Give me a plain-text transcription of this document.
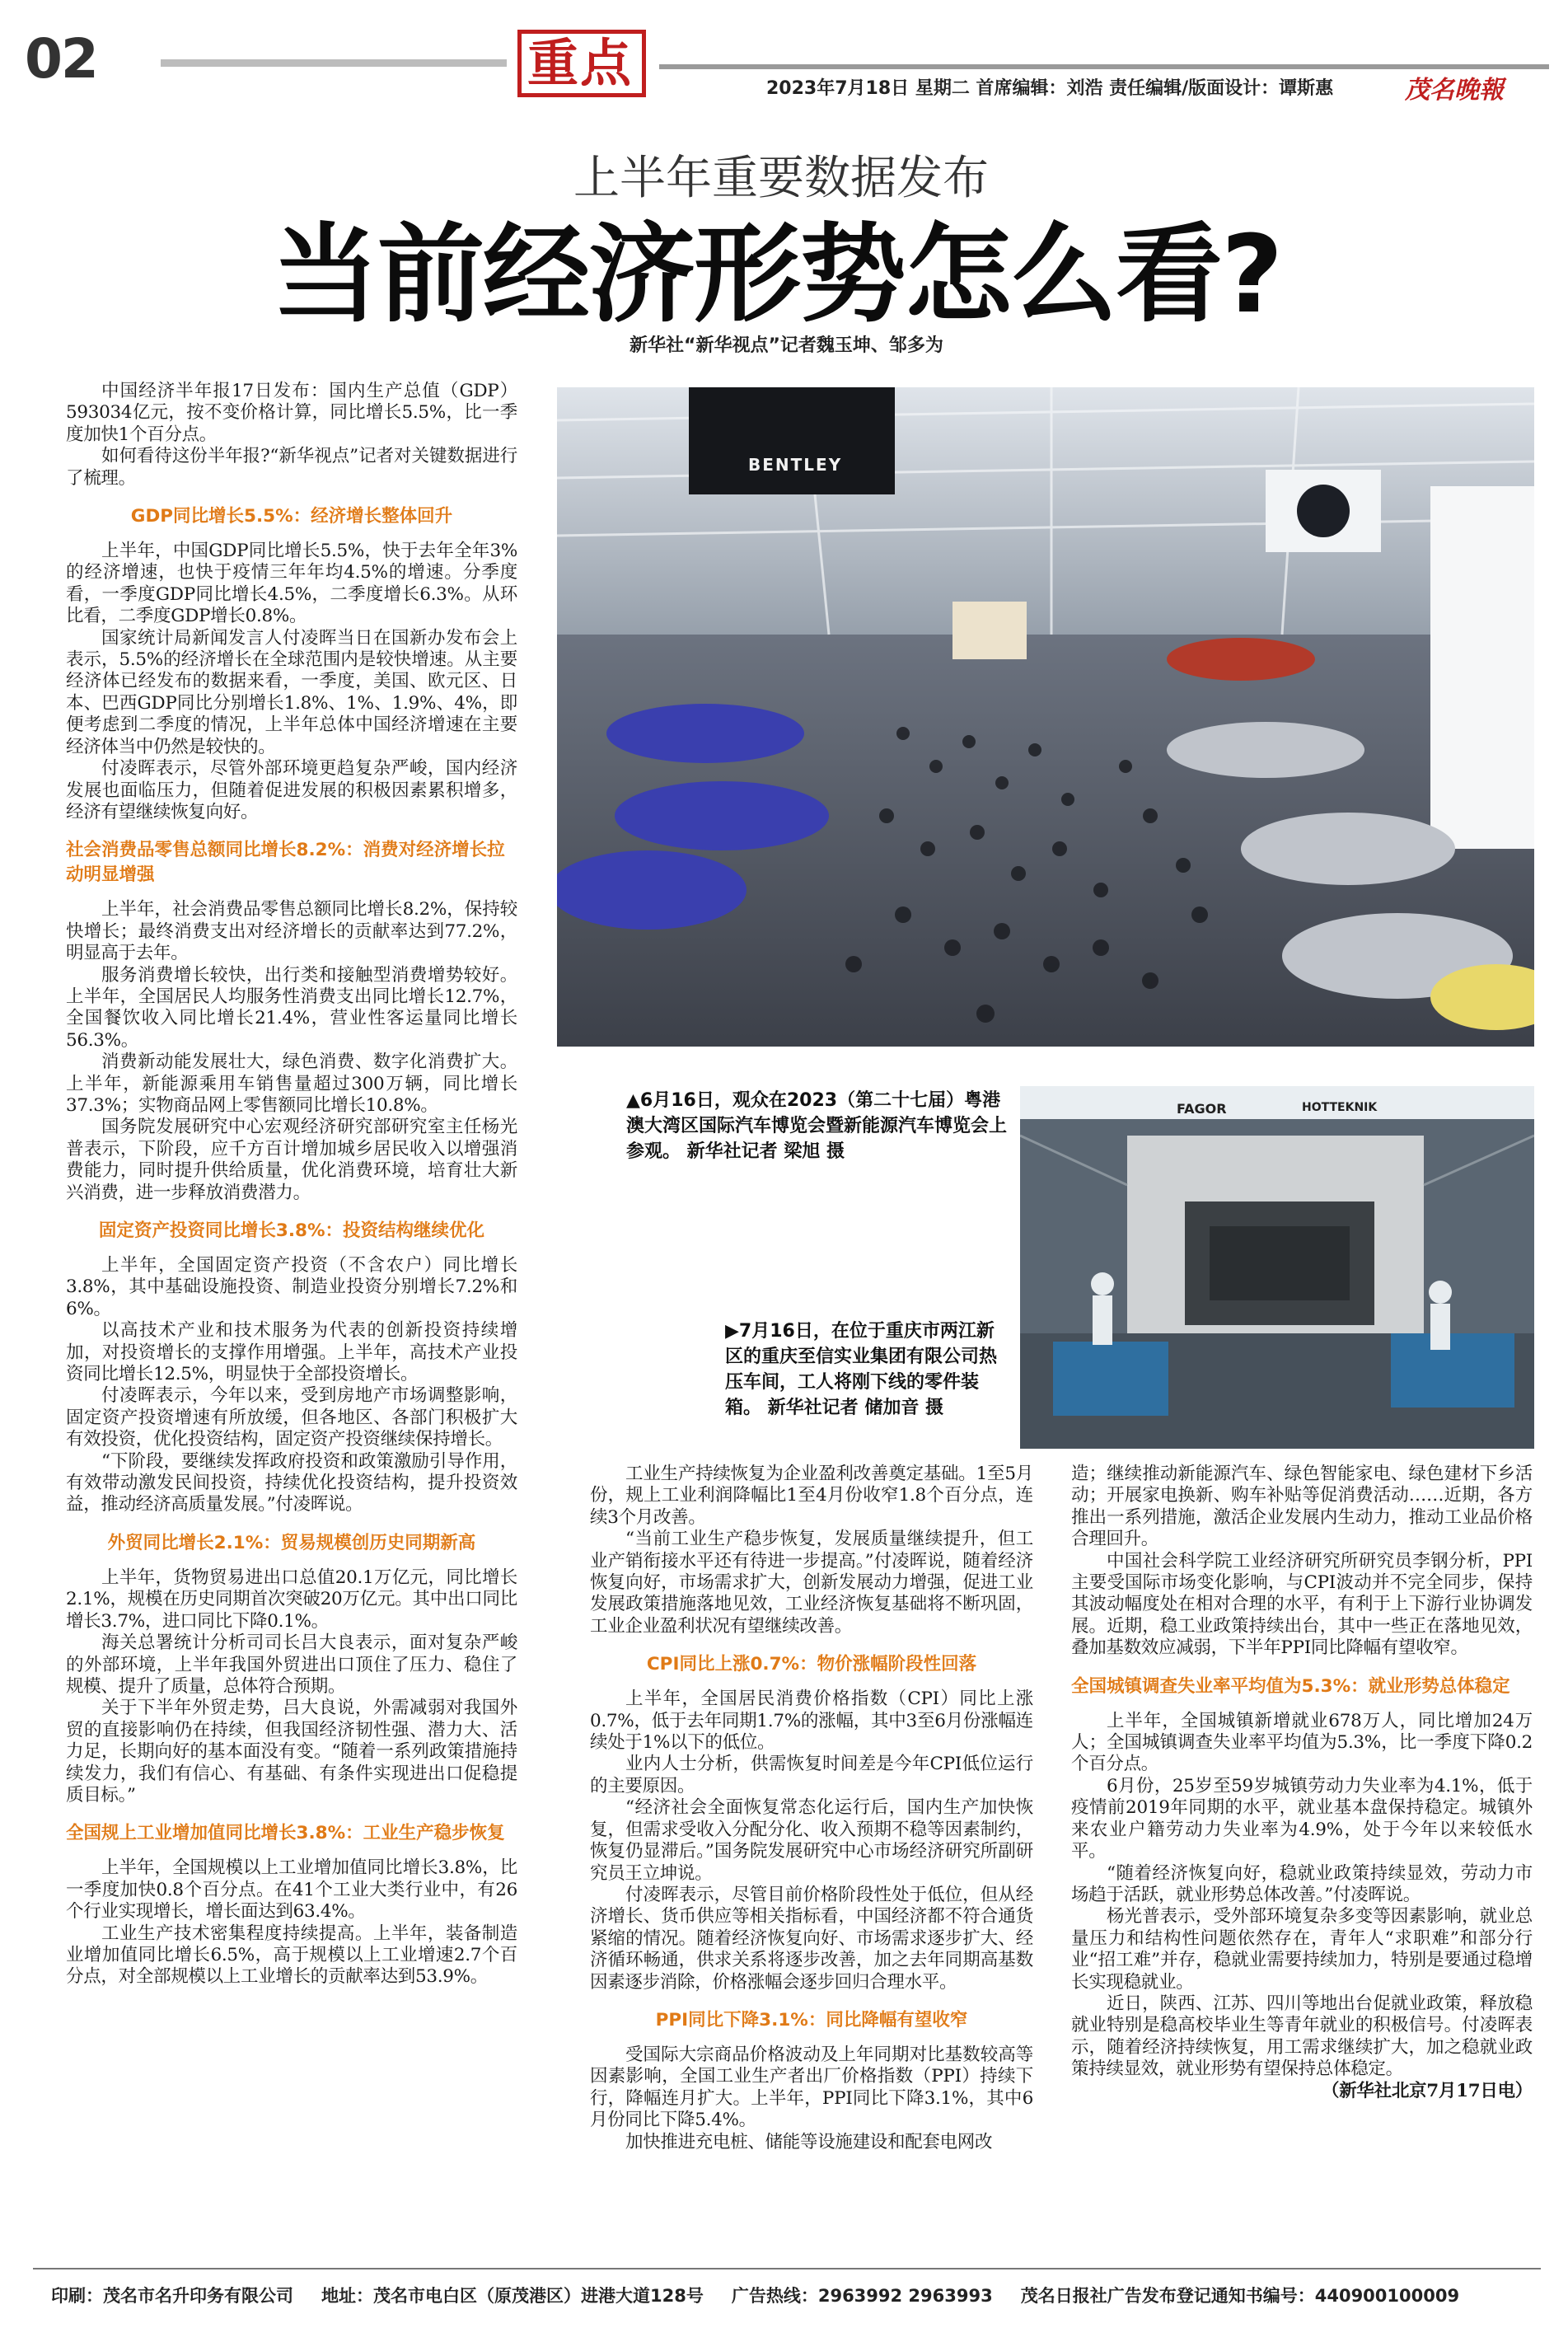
02	重点	2023年7月18日 星期二 首席编辑：刘浩 责任编辑/版面设计：谭斯惠	茂名晚報
上半年重要数据发布
当前经济形势怎么看?
新华社“新华视点”记者魏玉坤、邹多为

中国经济半年报17日发布：国内生产总值（GDP）593034亿元，按不变价格计算，同比增长5.5%，比一季度加快1个百分点。

如何看待这份半年报?“新华视点”记者对关键数据进行了梳理。

GDP同比增长5.5%：经济增长整体回升

上半年，中国GDP同比增长5.5%，快于去年全年3%的经济增速，也快于疫情三年年均4.5%的增速。分季度看，一季度GDP同比增长4.5%，二季度增长6.3%。从环比看，二季度GDP增长0.8%。

国家统计局新闻发言人付凌晖当日在国新办发布会上表示，5.5%的经济增长在全球范围内是较快增速。从主要经济体已经发布的数据来看，一季度，美国、欧元区、日本、巴西GDP同比分别增长1.8%、1%、1.9%、4%，即便考虑到二季度的情况，上半年总体中国经济增速在主要经济体当中仍然是较快的。

付凌晖表示，尽管外部环境更趋复杂严峻，国内经济发展也面临压力，但随着促进发展的积极因素累积增多，经济有望继续恢复向好。

社会消费品零售总额同比增长8.2%：消费对经济增长拉动明显增强

上半年，社会消费品零售总额同比增长8.2%，保持较快增长；最终消费支出对经济增长的贡献率达到77.2%，明显高于去年。

服务消费增长较快，出行类和接触型消费增势较好。上半年，全国居民人均服务性消费支出同比增长12.7%，全国餐饮收入同比增长21.4%，营业性客运量同比增长56.3%。

消费新动能发展壮大，绿色消费、数字化消费扩大。上半年，新能源乘用车销售量超过300万辆，同比增长37.3%；实物商品网上零售额同比增长10.8%。

国务院发展研究中心宏观经济研究部研究室主任杨光普表示，下阶段，应千方百计增加城乡居民收入以增强消费能力，同时提升供给质量，优化消费环境，培育壮大新兴消费，进一步释放消费潜力。

固定资产投资同比增长3.8%：投资结构继续优化

上半年，全国固定资产投资（不含农户）同比增长3.8%，其中基础设施投资、制造业投资分别增长7.2%和6%。

以高技术产业和技术服务为代表的创新投资持续增加，对投资增长的支撑作用增强。上半年，高技术产业投资同比增长12.5%，明显快于全部投资增长。

付凌晖表示，今年以来，受到房地产市场调整影响，固定资产投资增速有所放缓，但各地区、各部门积极扩大有效投资，优化投资结构，固定资产投资继续保持增长。

“下阶段，要继续发挥政府投资和政策激励引导作用，有效带动激发民间投资，持续优化投资结构，提升投资效益，推动经济高质量发展。”付凌晖说。

外贸同比增长2.1%：贸易规模创历史同期新高

上半年，货物贸易进出口总值20.1万亿元，同比增长2.1%，规模在历史同期首次突破20万亿元。其中出口同比增长3.7%，进口同比下降0.1%。

海关总署统计分析司司长吕大良表示，面对复杂严峻的外部环境，上半年我国外贸进出口顶住了压力、稳住了规模、提升了质量，总体符合预期。

关于下半年外贸走势，吕大良说，外需减弱对我国外贸的直接影响仍在持续，但我国经济韧性强、潜力大、活力足，长期向好的基本面没有变。“随着一系列政策措施持续发力，我们有信心、有基础、有条件实现进出口促稳提质目标。”

全国规上工业增加值同比增长3.8%：工业生产稳步恢复

上半年，全国规模以上工业增加值同比增长3.8%，比一季度加快0.8个百分点。在41个工业大类行业中，有26个行业实现增长，增长面达到63.4%。

工业生产技术密集程度持续提高。上半年，装备制造业增加值同比增长6.5%，高于规模以上工业增速2.7个百分点，对全部规模以上工业增长的贡献率达到53.9%。

BENTLEY
▲6月16日，观众在2023（第二十七届）粤港澳大湾区国际汽车博览会暨新能源汽车博览会上参观。 新华社记者 梁旭 摄
FAGOR	HOTTEKNIK
▶7月16日，在位于重庆市两江新区的重庆至信实业集团有限公司热压车间，工人将刚下线的零件装箱。 新华社记者 储加音 摄

工业生产持续恢复为企业盈利改善奠定基础。1至5月份，规上工业利润降幅比1至4月份收窄1.8个百分点，连续3个月改善。

“当前工业生产稳步恢复，发展质量继续提升，但工业产销衔接水平还有待进一步提高。”付凌晖说，随着经济恢复向好，市场需求扩大，创新发展动力增强，促进工业发展政策措施落地见效，工业经济恢复基础将不断巩固，工业企业盈利状况有望继续改善。

CPI同比上涨0.7%：物价涨幅阶段性回落

上半年，全国居民消费价格指数（CPI）同比上涨0.7%，低于去年同期1.7%的涨幅，其中3至6月份涨幅连续处于1%以下的低位。

业内人士分析，供需恢复时间差是今年CPI低位运行的主要原因。

“经济社会全面恢复常态化运行后，国内生产加快恢复，但需求受收入分配分化、收入预期不稳等因素制约，恢复仍显滞后。”国务院发展研究中心市场经济研究所副研究员王立坤说。

付凌晖表示，尽管目前价格阶段性处于低位，但从经济增长、货币供应等相关指标看，中国经济都不符合通货紧缩的情况。随着经济恢复向好、市场需求逐步扩大、经济循环畅通，供求关系将逐步改善，加之去年同期高基数因素逐步消除，价格涨幅会逐步回归合理水平。

PPI同比下降3.1%：同比降幅有望收窄

受国际大宗商品价格波动及上年同期对比基数较高等因素影响，全国工业生产者出厂价格指数（PPI）持续下行，降幅连月扩大。上半年，PPI同比下降3.1%，其中6月份同比下降5.4%。

加快推进充电桩、储能等设施建设和配套电网改

造；继续推动新能源汽车、绿色智能家电、绿色建材下乡活动；开展家电换新、购车补贴等促消费活动……近期，各方推出一系列措施，激活企业发展内生动力，推动工业品价格合理回升。

中国社会科学院工业经济研究所研究员李钢分析，PPI主要受国际市场变化影响，与CPI波动并不完全同步，保持其波动幅度处在相对合理的水平，有利于上下游行业协调发展。近期，稳工业政策持续出台，其中一些正在落地见效，叠加基数效应减弱，下半年PPI同比降幅有望收窄。

全国城镇调查失业率平均值为5.3%：就业形势总体稳定

上半年，全国城镇新增就业678万人，同比增加24万人；全国城镇调查失业率平均值为5.3%，比一季度下降0.2个百分点。

6月份，25岁至59岁城镇劳动力失业率为4.1%，低于疫情前2019年同期的水平，就业基本盘保持稳定。城镇外来农业户籍劳动力失业率为4.9%，处于今年以来较低水平。

“随着经济恢复向好，稳就业政策持续显效，劳动力市场趋于活跃，就业形势总体改善。”付凌晖说。

杨光普表示，受外部环境复杂多变等因素影响，就业总量压力和结构性问题依然存在，青年人“求职难”和部分行业“招工难”并存，稳就业需要持续加力，特别是要通过稳增长实现稳就业。

近日，陕西、江苏、四川等地出台促就业政策，释放稳就业特别是稳高校毕业生等青年就业的积极信号。付凌晖表示，随着经济持续恢复，用工需求继续扩大，加之稳就业政策持续显效，就业形势有望保持总体稳定。

（新华社北京7月17日电）

印刷：茂名市名升印务有限公司 地址：茂名市电白区（原茂港区）进港大道128号 广告热线：2963992 2963993 茂名日报社广告发布登记通知书编号：440900100009
